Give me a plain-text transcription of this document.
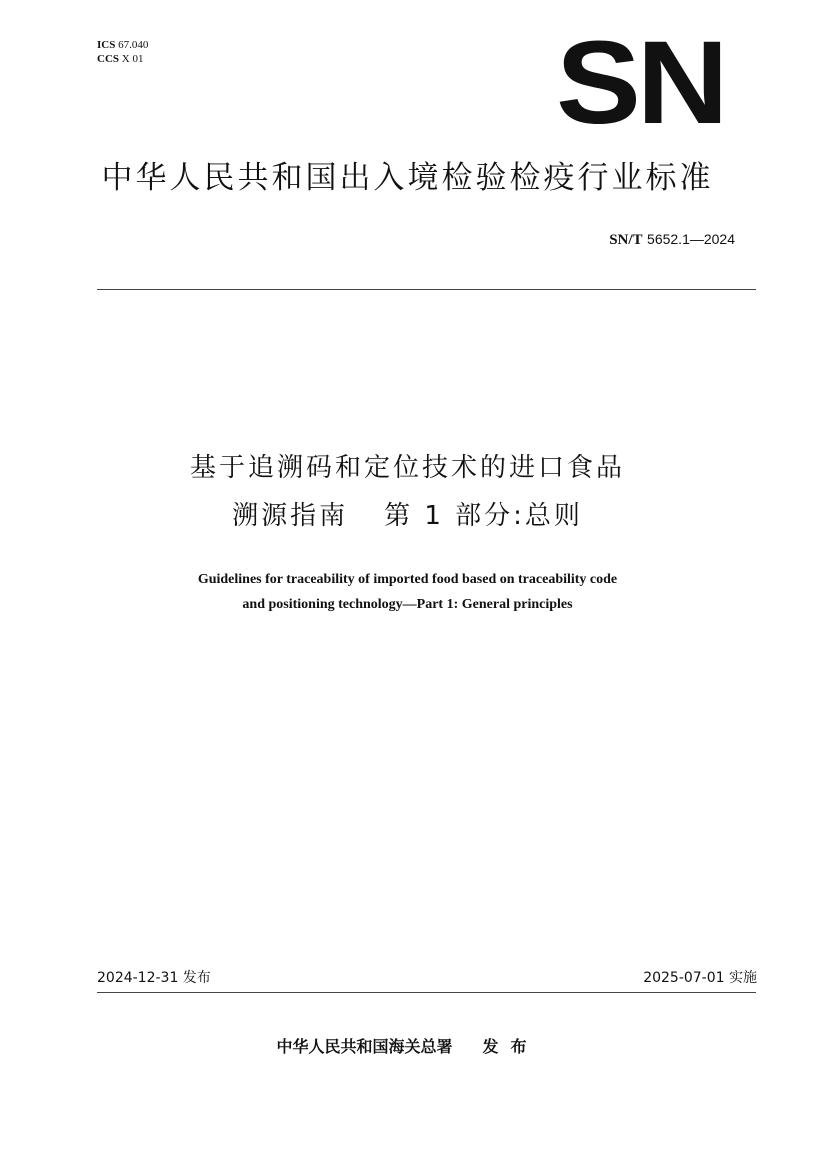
ICS 67.040
CCS X 01	SN
中华人民共和国出入境检验检疫行业标准
SN/T 5652.1—2024
基于追溯码和定位技术的进口食品
溯源指南 第 1 部分:总则
Guidelines for traceability of imported food based on traceability code
and positioning technology—Part 1: General principles
2024-12-31 发布	2025-07-01 实施
中华人民共和国海关总署 发布
